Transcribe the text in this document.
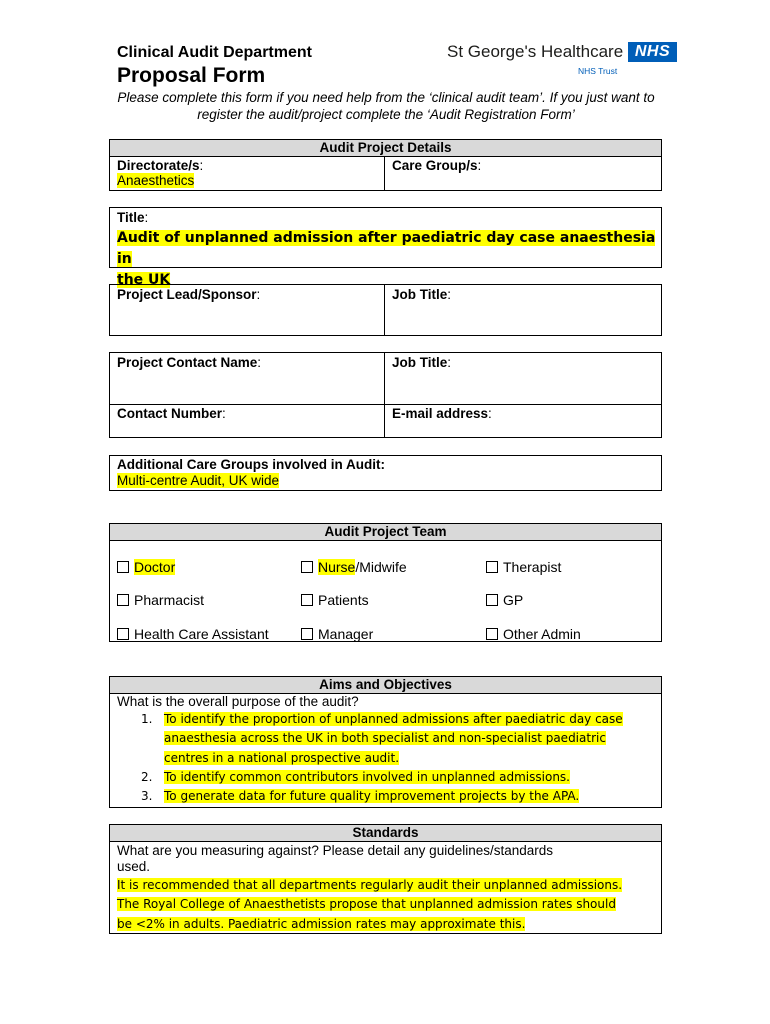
Clinical Audit Department
Proposal Form
St George's Healthcare NHS
NHS Trust
Please complete this form if you need help from the ‘clinical audit team’. If you just want to register the audit/project complete the ‘Audit Registration Form’
Audit Project Details
Directorate/s:
Anaesthetics
Care Group/s:
Title:
Audit of unplanned admission after paediatric day case anaesthesia in
the UK
Project Lead/Sponsor:	Job Title:
Project Contact Name:	Job Title:
Contact Number:	E-mail address:
Additional Care Groups involved in Audit:
Multi-centre Audit, UK wide
Audit Project Team
Doctor	Nurse/Midwife	Therapist
Pharmacist	Patients	GP
Health Care Assistant	Manager	Other Admin
Aims and Objectives
What is the overall purpose of the audit?
1. To identify the proportion of unplanned admissions after paediatric day case
anaesthesia across the UK in both specialist and non-specialist paediatric
centres in a national prospective audit.
2. To identify common contributors involved in unplanned admissions.
3. To generate data for future quality improvement projects by the APA.
Standards
What are you measuring against? Please detail any guidelines/standards
used.
It is recommended that all departments regularly audit their unplanned admissions.
The Royal College of Anaesthetists propose that unplanned admission rates should
be <2% in adults. Paediatric admission rates may approximate this.
